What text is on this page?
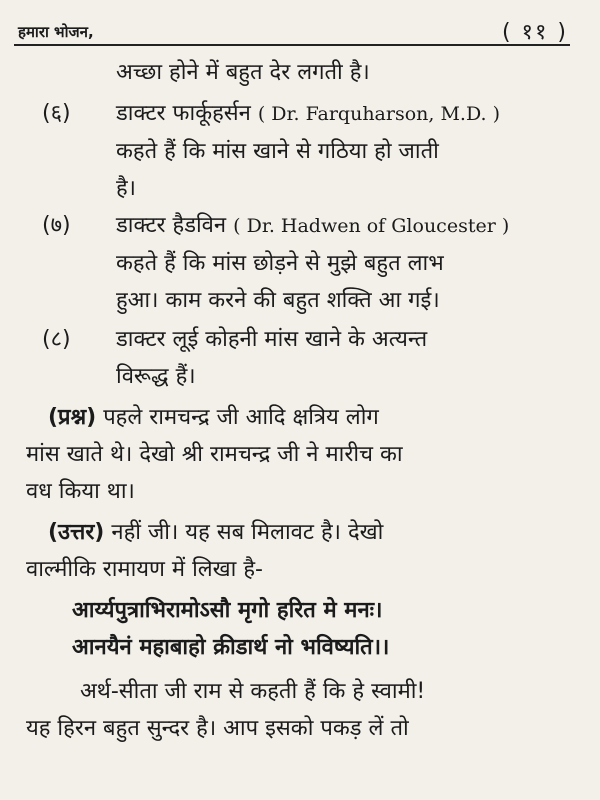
हमारा भोजन,	( ११ )
अच्छा होने में बहुत देर लगती है।
(६) डाक्टर फार्कूहर्सन ( Dr. Farquharson, M.D. )
कहते हैं कि मांस खाने से गठिया हो जाती
है।
(७) डाक्टर हैडविन ( Dr. Hadwen of Gloucester )
कहते हैं कि मांस छोड़ने से मुझे बहुत लाभ
हुआ। काम करने की बहुत शक्ति आ गई।
(८) डाक्टर लूई कोहनी मांस खाने के अत्यन्त
विरूद्ध हैं।
(प्रश्न) पहले रामचन्द्र जी आदि क्षत्रिय लोग
मांस खाते थे। देखो श्री रामचन्द्र जी ने मारीच का
वध किया था।
(उत्तर) नहीं जी। यह सब मिलावट है। देखो
वाल्मीकि रामायण में लिखा है-
आर्य्यपुत्राभिरामोऽसौ मृगो हरित मे मनः।
आनयैनं महाबाहो क्रीडार्थ नो भविष्यति।।
अर्थ-सीता जी राम से कहती हैं कि हे स्वामी!
यह हिरन बहुत सुन्दर है। आप इसको पकड़ लें तो
